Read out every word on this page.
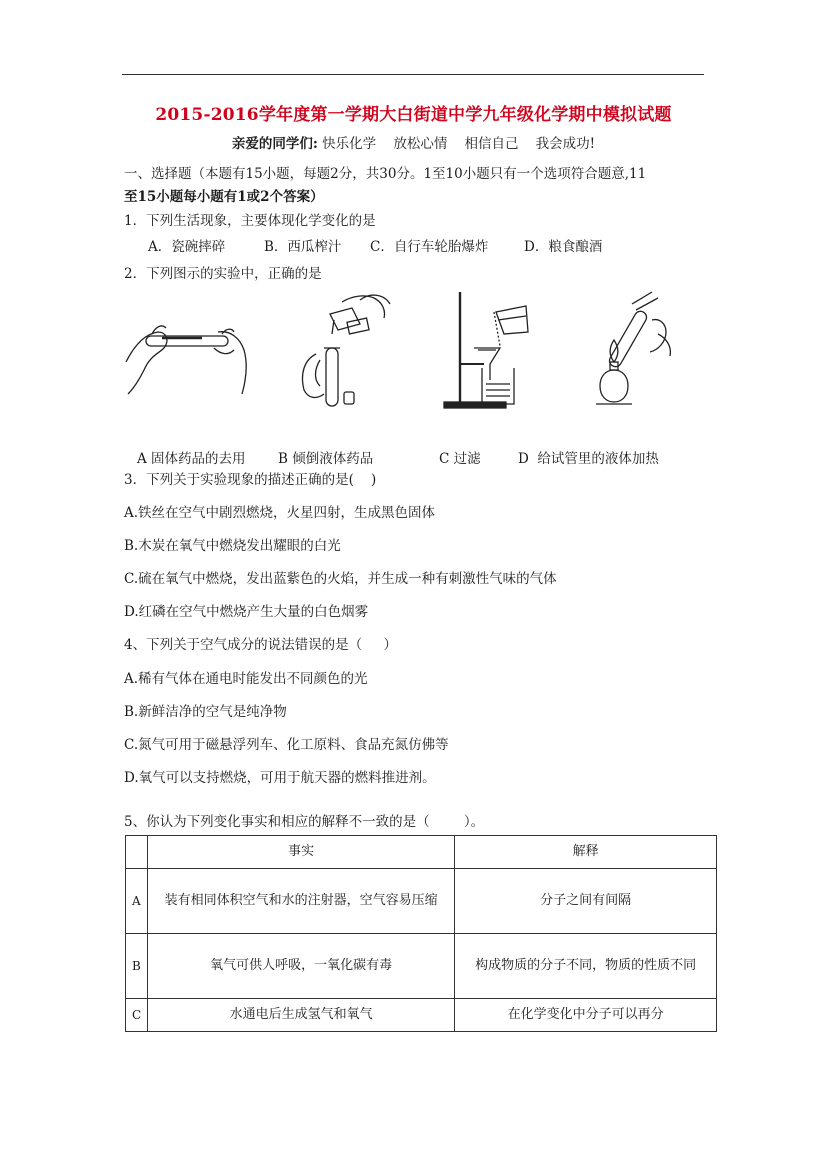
2015-2016学年度第一学期大白街道中学九年级化学期中模拟试题
亲爱的同学们: 快乐化学    放松心情    相信自己    我会成功!
一、选择题（本题有15小题，每题2分，共30分。1至10小题只有一个选项符合题意,11
至15小题每小题有1或2个答案）
1．下列生活现象，主要体现化学变化的是
A．瓷碗摔碎	B．西瓜榨汁 C．自行车轮胎爆炸	D．粮食酿酒
2．下列图示的实验中，正确的是
A 固体药品的去用 B 倾倒液体药品	C 过滤	D  给试管里的液体加热
3．下列关于实验现象的描述正确的是(    )
A.铁丝在空气中剧烈燃烧，火星四射，生成黑色固体
B.木炭在氧气中燃烧发出耀眼的白光
C.硫在氧气中燃烧，发出蓝紫色的火焰，并生成一种有刺激性气味的气体
D.红磷在空气中燃烧产生大量的白色烟雾
4、下列关于空气成分的说法错误的是（     ）
A.稀有气体在通电时能发出不同颜色的光
B.新鲜洁净的空气是纯净物
C.氮气可用于磁悬浮列车、化工原料、食品充氮仿佛等
D.氧气可以支持燃烧，可用于航天器的燃料推进剂。
5、你认为下列变化事实和相应的解释不一致的是（        ）。
	事实	解释
A	装有相同体积空气和水的注射器，空气容易压缩	分子之间有间隔
B	氧气可供人呼吸，一氧化碳有毒	构成物质的分子不同，物质的性质不同
C	水通电后生成氢气和氧气	在化学变化中分子可以再分
